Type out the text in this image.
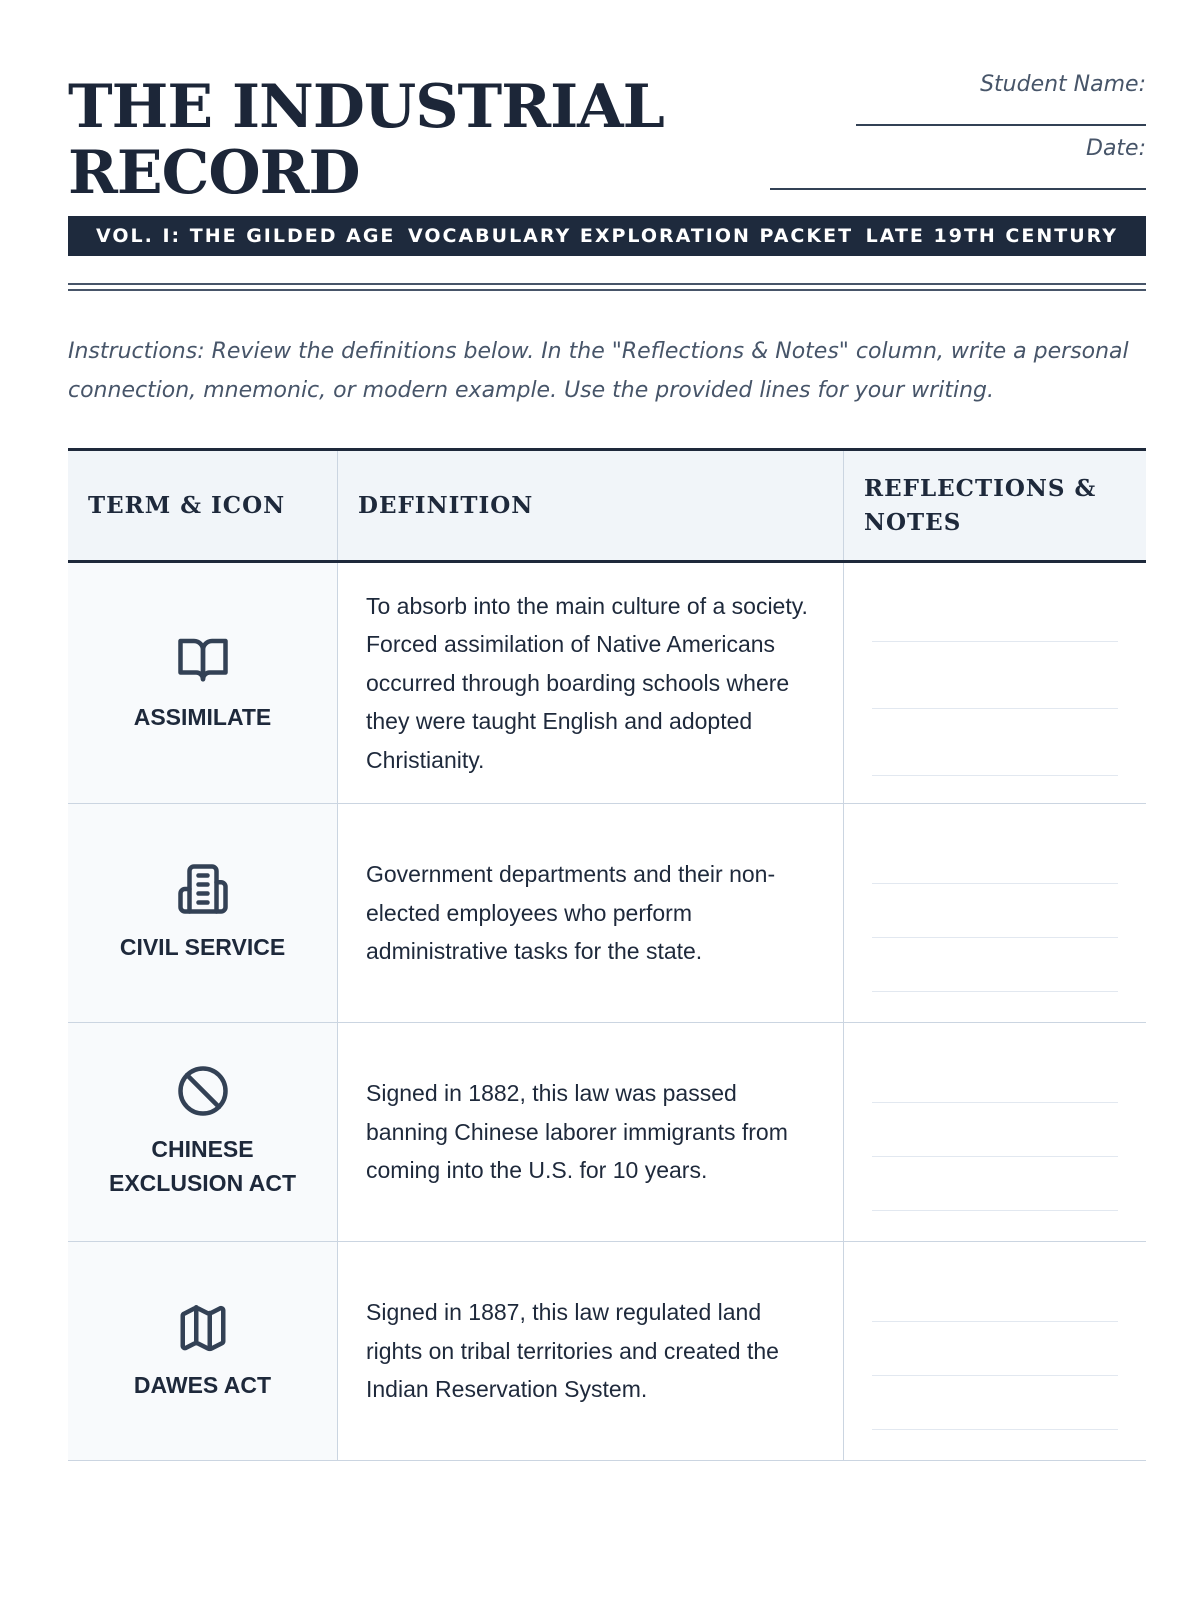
THE INDUSTRIAL
RECORD
Student Name:
Date:
VOL. I: THE GILDED AGE VOCABULARY EXPLORATION PACKET LATE 19TH CENTURY
Instructions: Review the definitions below. In the "Reflections & Notes" column, write a personal connection, mnemonic, or modern example. Use the provided lines for your writing.
TERM & ICON	DEFINITION
REFLECTIONS & NOTES
ASSIMILATE
To absorb into the main culture of a society. Forced assimilation of Native Americans occurred through boarding schools where they were taught English and adopted Christianity.
CIVIL SERVICE
Government departments and their non-elected employees who perform administrative tasks for the state.
CHINESE EXCLUSION ACT
Signed in 1882, this law was passed banning Chinese laborer immigrants from coming into the U.S. for 10 years.
DAWES ACT
Signed in 1887, this law regulated land rights on tribal territories and created the Indian Reservation System.
